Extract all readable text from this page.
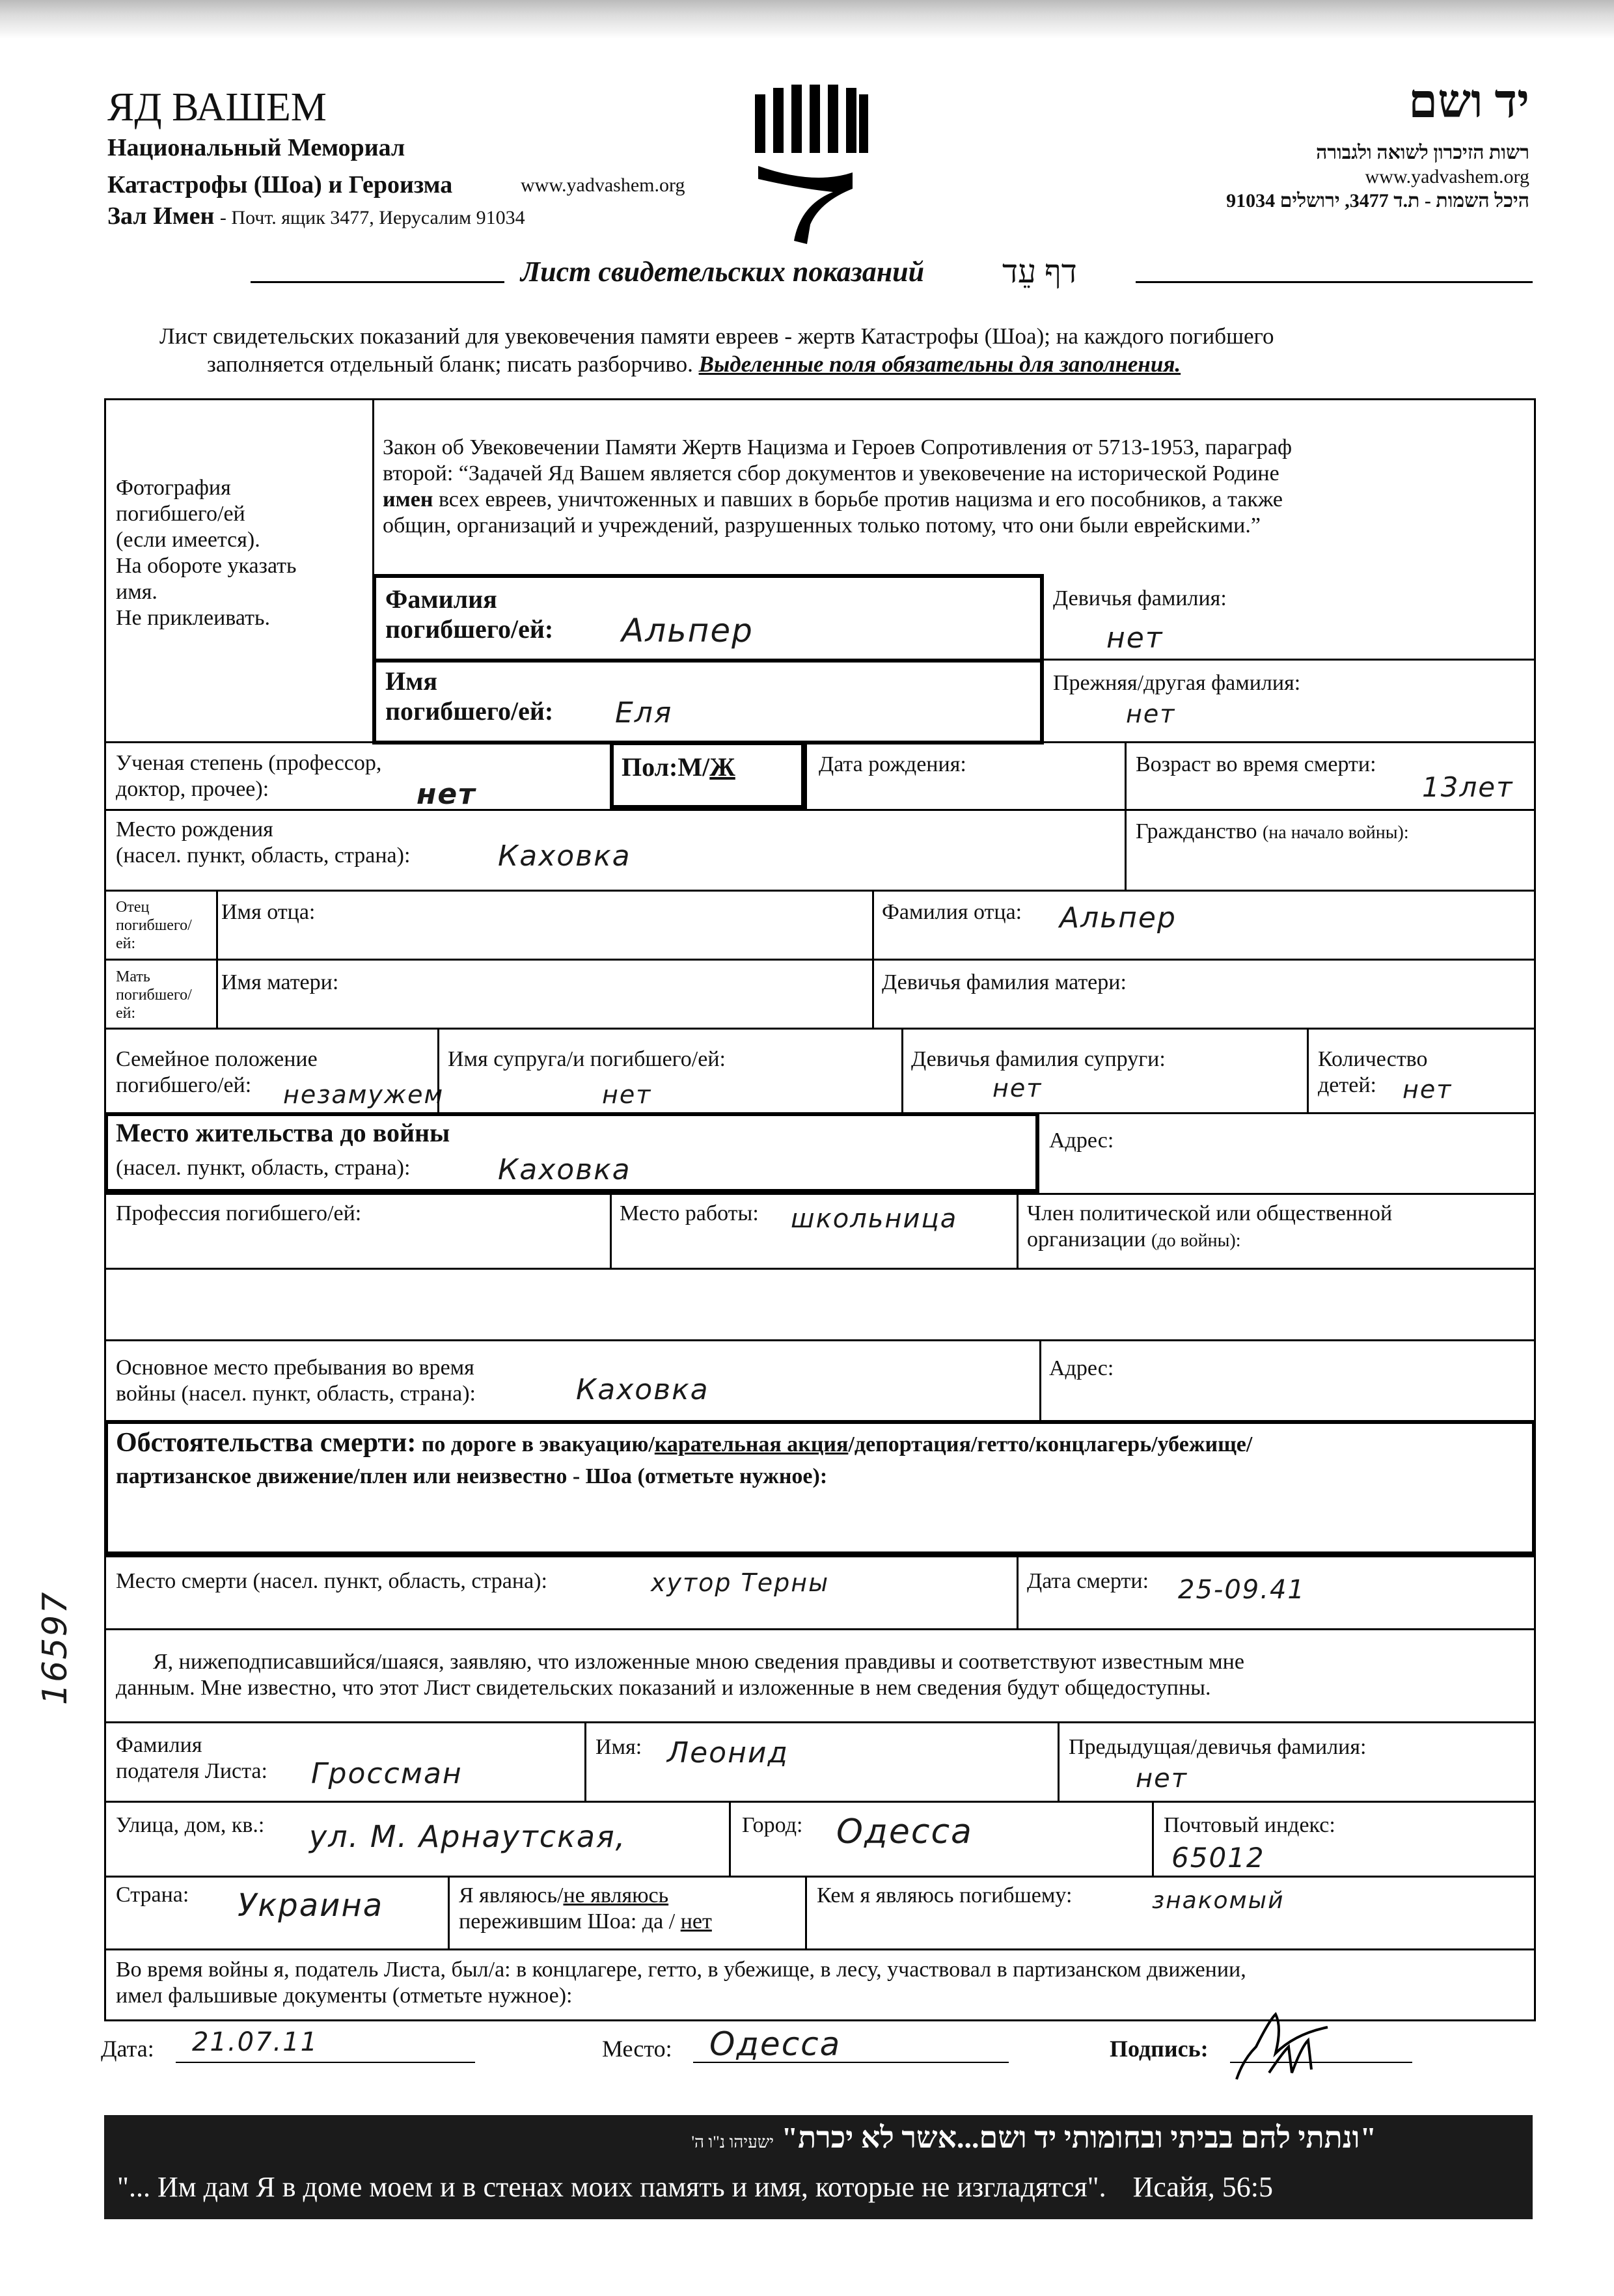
ЯД ВАШЕМ
Национальный Мемориал
Катастрофы (Шоа) и Героизма	www.yadvashem.org
Зал Имен - Почт. ящик 3477, Иерусалим 91034
יד ושם
רשות הזיכרון לשואה ולגבורה
www.yadvashem.org
היכל השמות - ת.ד 3477, ירושלים 91034
Лист свидетельских показаний דף עֵד
Лист свидетельских показаний для увековечения памяти евреев - жертв Катастрофы (Шоа); на каждого погибшего
заполняется отдельный бланк; писать разборчиво. Выделенные поля обязательны для заполнения.
Фотография
погибшего/ей
(если имеется).
На обороте указать
имя.
Не приклеивать.
Закон об Увековечении Памяти Жертв Нацизма и Героев Сопротивления от 5713-1953, параграф
второй: “Задачей Яд Вашем является сбор документов и увековечение на исторической Родине
имен всех евреев, уничтоженных и павших в борьбе против нацизма и его пособников, а также
общин, организаций и учреждений, разрушенных только потому, что они были еврейскими.”
Фамилия
погибшего/ей: Альпер
Девичья фамилия:
нет
Имя
погибшего/ей: Еля
Прежняя/другая фамилия:
нет
Ученая степень (профессор,
доктор, прочее):	нет
Пол:М/Ж	Дата рождения:	Возраст во время смерти:
13лет
Место рождения
(насел. пункт, область, страна):	Каховка
Гражданство (на начало войны):
Отец
погибшего/
ей:
Имя отца:	Фамилия отца: Альпер
Мать
погибшего/
ей:
Имя матери:	Девичья фамилия матери:
Семейное положение
погибшего/ей:	незамужем
Имя супруга/и погибшего/ей:
нет
Девичья фамилия супруги:
нет
Количество
детей:	нет
Место жительства до войны
(насел. пункт, область, страна):	Каховка
Адрес:
Профессия погибшего/ей:	Место работы: школьница	Член политической или общественной
организации (до войны):
Основное место пребывания во время
войны (насел. пункт, область, страна):	Каховка
Адрес:
Обстоятельства смерти: по дороге в эвакуацию/карательная акция/депортация/гетто/концлагерь/убежище/
партизанское движение/плен или неизвестно - Шоа (отметьте нужное):
Место смерти (насел. пункт, область, страна):	хутор Терны	Дата смерти: 25-09.41
Я, нижеподписавшийся/шаяся, заявляю, что изложенные мною сведения правдивы и соответствуют известным мне
данным. Мне известно, что этот Лист свидетельских показаний и изложенные в нем сведения будут общедоступны.
Фамилия
подателя Листа: Гроссман
Имя: Леонид	Предыдущая/девичья фамилия:
нет
Улица, дом, кв.: ул. М. Арнаутская,	Город: Одесса	Почтовый индекс:
65012
Страна: Украина	Я являюсь/не являюсь
пережившим Шоа: да / нет
Кем я являюсь погибшему:	знакомый
Во время войны я, податель Листа, был/а: в концлагере, гетто, в убежище, в лесу, участвовал в партизанском движении,
имел фальшивые документы (отметьте нужное):
Дата: 21.07.11	Место: Одесса	Подпись:
16597
"ונתתי להם בביתי ובחומותי יד ושם...אשר לא יכרת" ישעיהו נ"ו ה'
"... Им дам Я в доме моем и в стенах моих память и имя, которые не изгладятся". Исайя, 56:5
